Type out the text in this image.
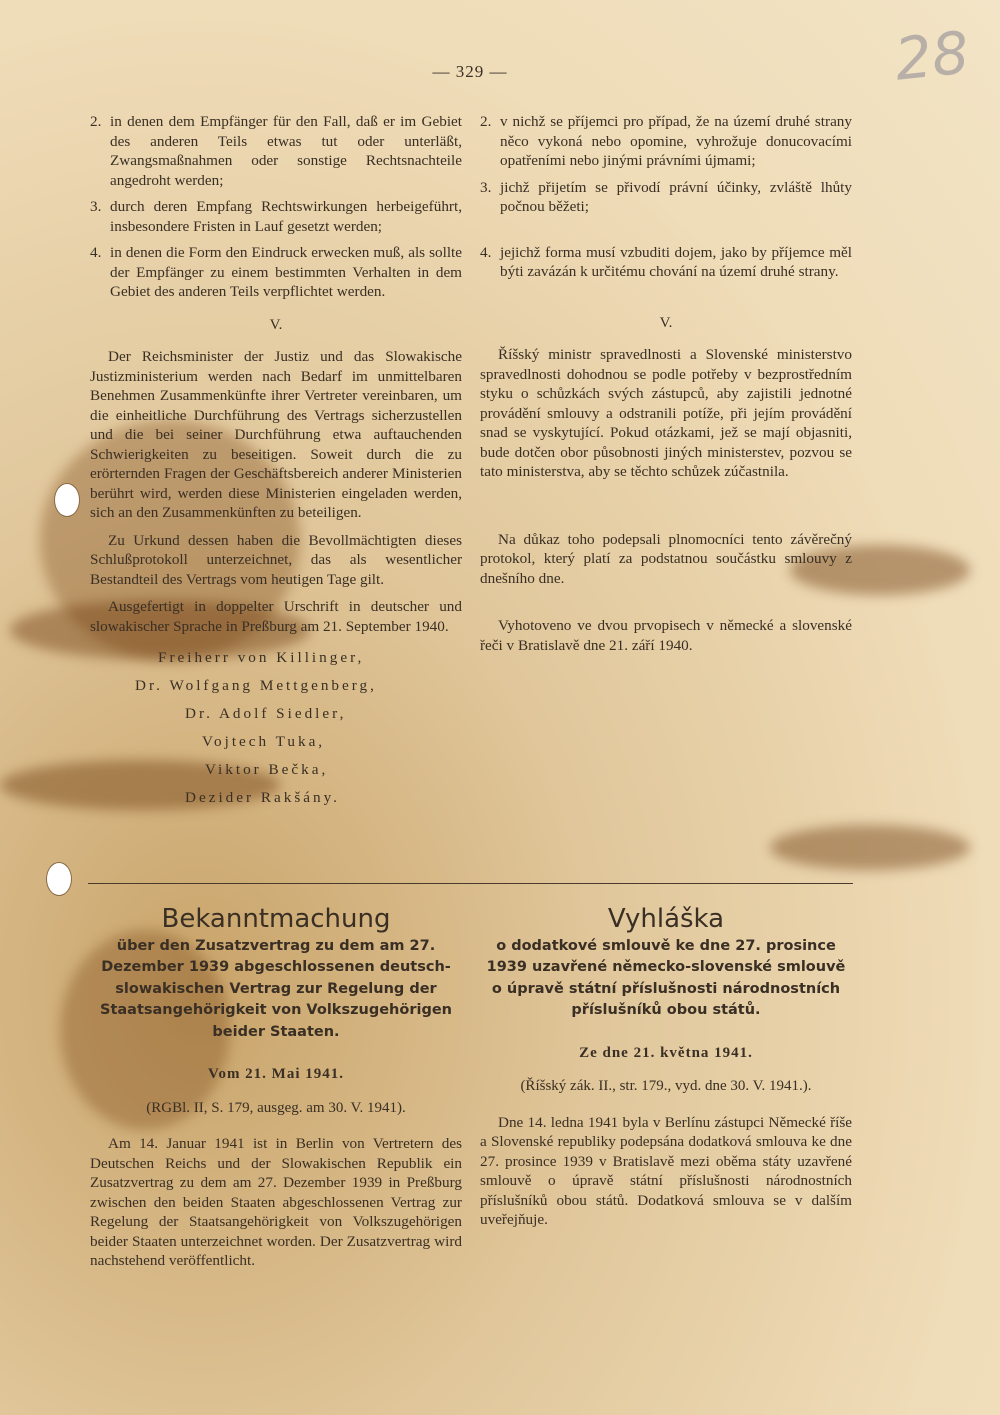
— 329 —	28
2. in denen dem Empfänger für den Fall, daß er im Gebiet des anderen Teils etwas tut oder unterläßt, Zwangsmaßnahmen oder sonstige Rechtsnachteile angedroht werden;
3. durch deren Empfang Rechtswirkungen herbeigeführt, insbesondere Fristen in Lauf gesetzt werden;
4. in denen die Form den Eindruck erwecken muß, als sollte der Empfänger zu einem bestimmten Verhalten in dem Gebiet des anderen Teils verpflichtet werden.
V.

Der Reichsminister der Justiz und das Slowakische Justizministerium werden nach Bedarf im unmittelbaren Benehmen Zusammenkünfte ihrer Vertreter vereinbaren, um die einheitliche Durchführung des Vertrags sicherzustellen und die bei seiner Durchführung etwa auftauchenden Schwierigkeiten zu beseitigen. Soweit durch die zu erörternden Fragen der Geschäftsbereich anderer Ministerien berührt wird, werden diese Ministerien eingeladen werden, sich an den Zusammenkünften zu beteiligen.

Zu Urkund dessen haben die Bevollmächtigten dieses Schlußprotokoll unterzeichnet, das als wesentlicher Bestandteil des Vertrags vom heutigen Tage gilt.

Ausgefertigt in doppelter Urschrift in deutscher und slowakischer Sprache in Preßburg am 21. September 1940.

Freiherr von Killinger,

Dr. Wolfgang Mettgenberg,

Dr. Adolf Siedler,

Vojtech Tuka,

Viktor Bečka,

Dezider Rakšány.

2. v nichž se příjemci pro případ, že na území druhé strany něco vykoná nebo opomine, vyhrožuje donucovacími opatřeními nebo jinými právními újmami;
3. jichž přijetím se přivodí právní účinky, zvláště lhůty počnou běžeti;
4. jejichž forma musí vzbuditi dojem, jako by příjemce měl býti zavázán k určitému chování na území druhé strany.
V.

Říšský ministr spravedlnosti a Slovenské ministerstvo spravedlnosti dohodnou se podle potřeby v bezprostředním styku o schůzkách svých zástupců, aby zajistili jednotné provádění smlouvy a odstranili potíže, při jejím provádění snad se vyskytující. Pokud otázkami, jež se mají objasniti, bude dotčen obor působnosti jiných ministerstev, pozvou se tato ministerstva, aby se těchto schůzek zúčastnila.

Na důkaz toho podepsali plnomocníci tento závěrečný protokol, který platí za podstatnou součástku smlouvy z dnešního dne.

Vyhotoveno ve dvou prvopisech v německé a slovenské řeči v Bratislavě dne 21. září 1940.

Bekanntmachung

über den Zusatzvertrag zu dem am 27. Dezember 1939 abgeschlossenen deutsch-slowakischen Vertrag zur Regelung der Staatsangehörigkeit von Volkszugehörigen beider Staaten.

Vom 21. Mai 1941.

(RGBl. II, S. 179, ausgeg. am 30. V. 1941).

Am 14. Januar 1941 ist in Berlin von Vertretern des Deutschen Reichs und der Slowakischen Republik ein Zusatzvertrag zu dem am 27. Dezember 1939 in Preßburg zwischen den beiden Staaten abgeschlossenen Vertrag zur Regelung der Staatsangehörigkeit von Volkszugehörigen beider Staaten unterzeichnet worden. Der Zusatzvertrag wird nachstehend veröffentlicht.

Vyhláška

o dodatkové smlouvě ke dne 27. prosince 1939 uzavřené německo-slovenské smlouvě o úpravě státní příslušnosti národnostních příslušníků obou států.

Ze dne 21. května 1941.

(Říšský zák. II., str. 179., vyd. dne 30. V. 1941.).

Dne 14. ledna 1941 byla v Berlínu zástupci Německé říše a Slovenské republiky podepsána dodatková smlouva ke dne 27. prosince 1939 v Bratislavě mezi oběma státy uzavřené smlouvě o úpravě státní příslušnosti národnostních příslušníků obou států. Dodatková smlouva se v dalším uveřejňuje.
